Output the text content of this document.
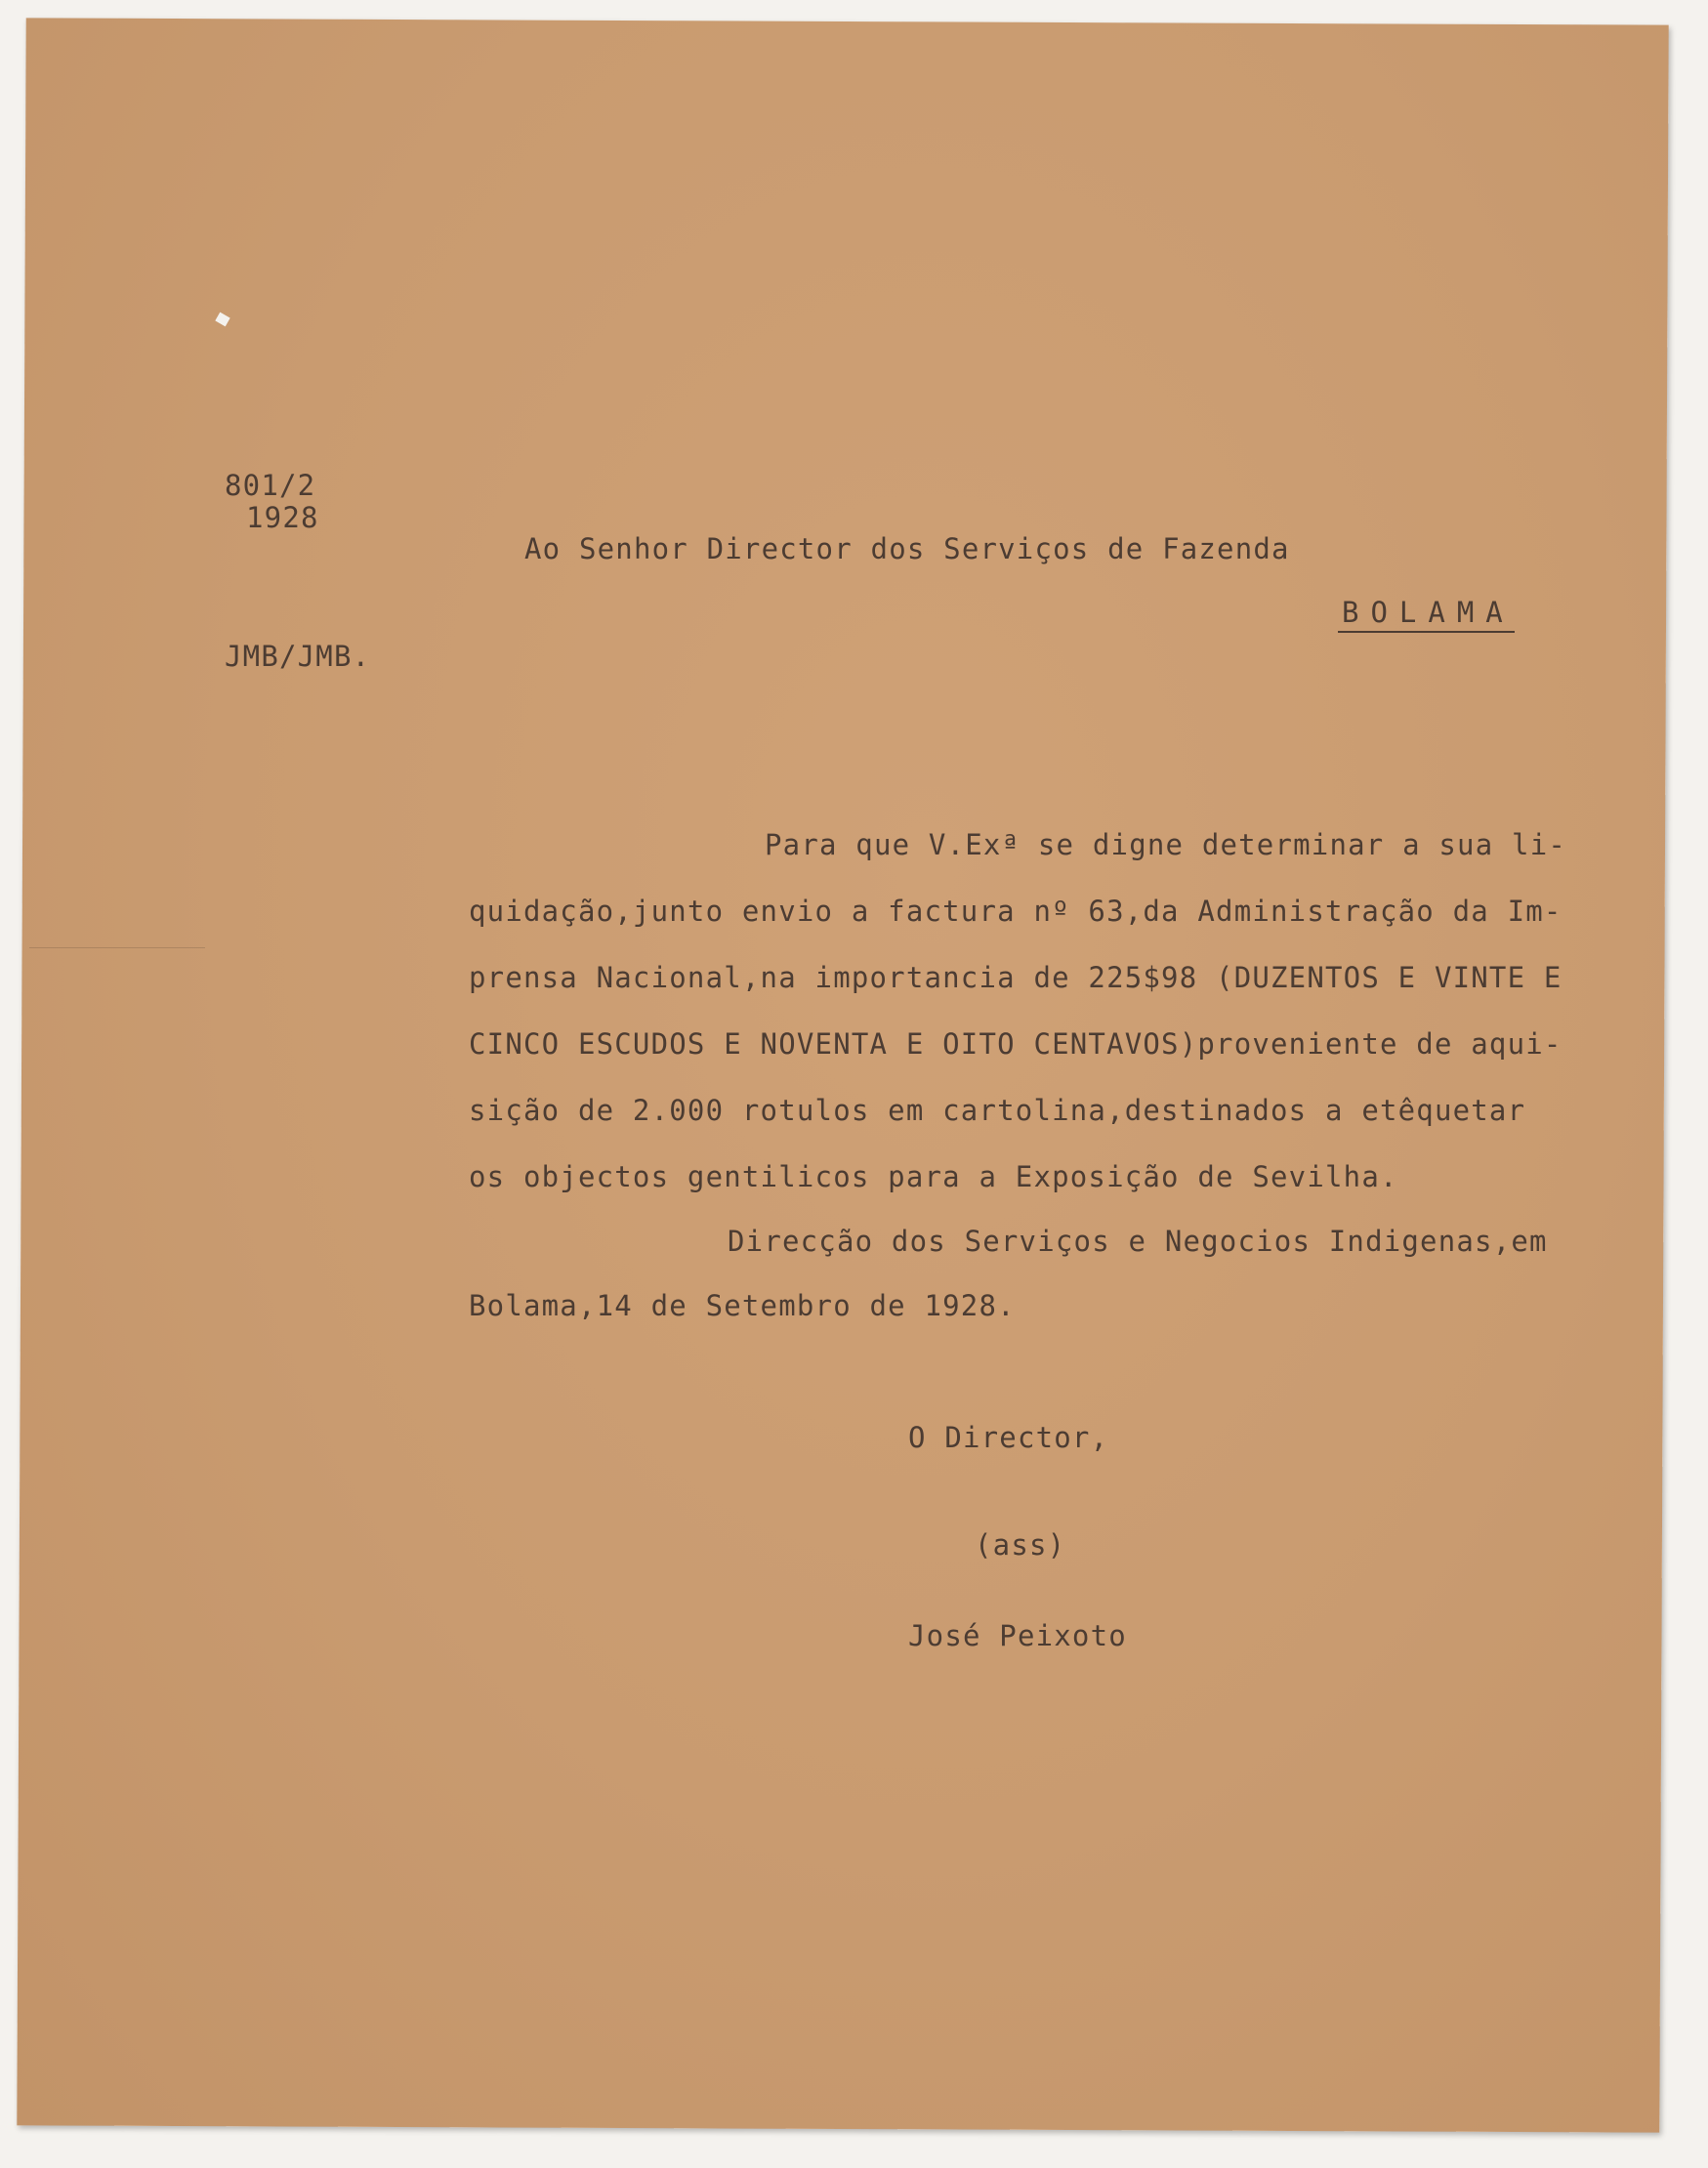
801/2
1928
JMB/JMB.
Ao Senhor Director dos Serviços de Fazenda
BOLAMA
Para que V.Exª se digne determinar a sua li-
quidação,junto envio a factura nº 63,da Administração da Im-
prensa Nacional,na importancia de 225$98 (DUZENTOS E VINTE E
CINCO ESCUDOS E NOVENTA E OITO CENTAVOS)proveniente de aqui-
sição de 2.000 rotulos em cartolina,destinados a etêquetar
os objectos gentilicos para a Exposição de Sevilha.
Direcção dos Serviços e Negocios Indigenas,em
Bolama,14 de Setembro de 1928.
O Director,
(ass)
José Peixoto
